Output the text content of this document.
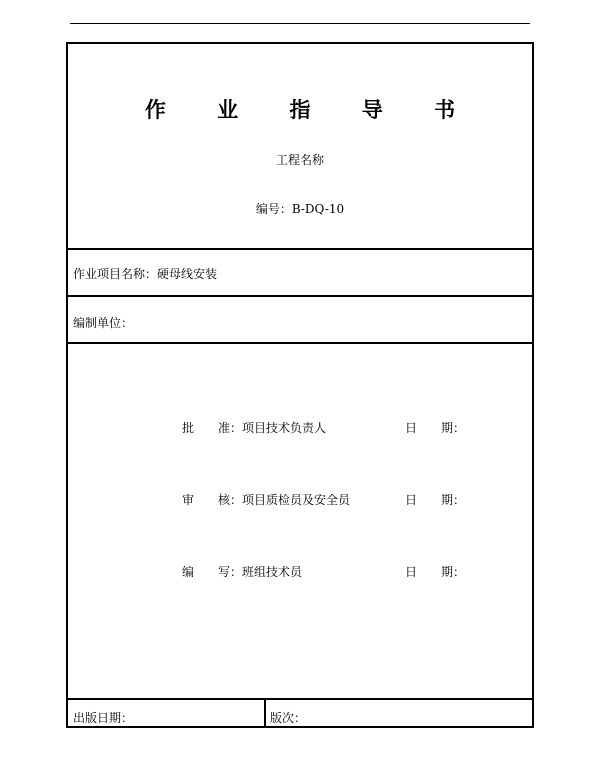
作 业 指 导 书
工程名称
编号：B-DQ-10
作业项目名称：硬母线安装
编制单位：
批　　准：项目技术负责人	日　　期：
审　　核：项目质检员及安全员	日　　期：
编　　写：班组技术员	日　　期：
出版日期：	版次：
